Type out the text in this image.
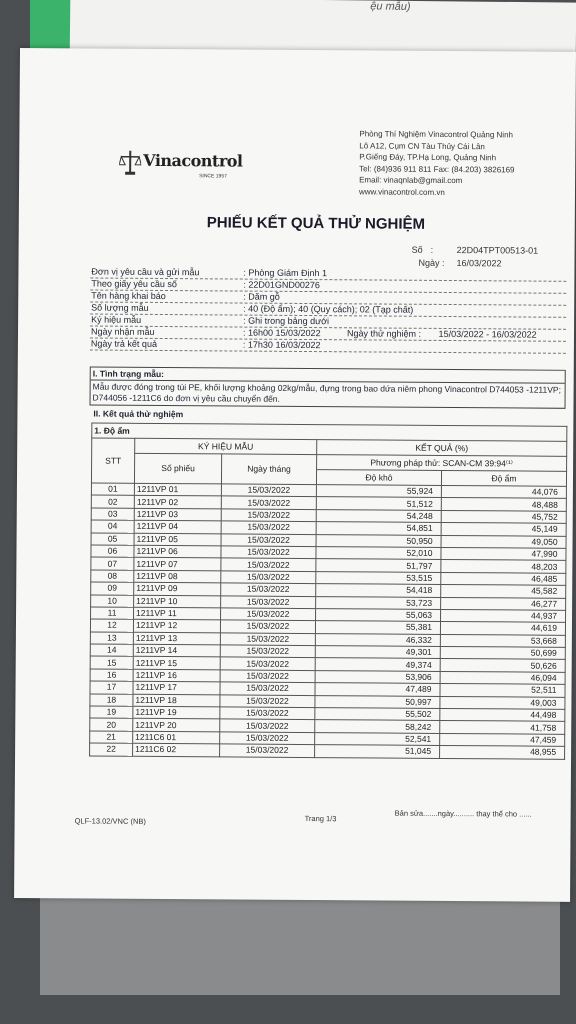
ệu mẫu)
Vinacontrol
SINCE 1957
Phòng Thí Nghiệm Vinacontrol Quảng Ninh
Lô A12, Cụm CN Tàu Thủy Cái Lân
P.Giếng Đáy, TP.Hạ Long, Quảng Ninh
Tel: (84)936 911 811 Fax: (84.203) 3826169
Email: vinaqnlab@gmail.com
www.vinacontrol.com.vn
PHIẾU KẾT QUẢ THỬ NGHIỆM
Số :	22D04TPT00513-01
Ngày : 16/03/2022
Đơn vị yêu cầu và gửi mẫu	: Phòng Giám Định 1
Theo giấy yêu cầu số	: 22D01GND00276
Tên hàng khai báo	: Dăm gỗ
Số lượng mẫu	: 40 (Độ ẩm); 40 (Quy cách); 02 (Tạp chất)
Ký hiệu mẫu	: Ghi trong bảng dưới
Ngày nhận mẫu	: 16h00 15/03/2022	Ngày thử nghiệm :       15/03/2022 - 16/03/2022
Ngày trả kết quả	: 17h30 16/03/2022
I. Tình trạng mẫu:
Mẫu được đóng trong túi PE, khối lượng khoảng 02kg/mẫu, đựng trong bao dứa niêm phong Vinacontrol D744053 -1211VP; D744056 -1211C6 do đơn vị yêu cầu chuyển đến.
II. Kết quả thử nghiệm
1. Độ ẩm				
STT	KÝ HIỆU MẪU		KẾT QUẢ (%)	
	Số phiếu	Ngày tháng	Phương pháp thử: SCAN-CM 39:94⁽¹⁾	
			Độ khô	Độ ẩm
01	1211VP 01	15/03/2022	55,924	44,076
02	1211VP 02	15/03/2022	51,512	48,488
03	1211VP 03	15/03/2022	54,248	45,752
04	1211VP 04	15/03/2022	54,851	45,149
05	1211VP 05	15/03/2022	50,950	49,050
06	1211VP 06	15/03/2022	52,010	47,990
07	1211VP 07	15/03/2022	51,797	48,203
08	1211VP 08	15/03/2022	53,515	46,485
09	1211VP 09	15/03/2022	54,418	45,582
10	1211VP 10	15/03/2022	53,723	46,277
11	1211VP 11	15/03/2022	55,063	44,937
12	1211VP 12	15/03/2022	55,381	44,619
13	1211VP 13	15/03/2022	46,332	53,668
14	1211VP 14	15/03/2022	49,301	50,699
15	1211VP 15	15/03/2022	49,374	50,626
16	1211VP 16	15/03/2022	53,906	46,094
17	1211VP 17	15/03/2022	47,489	52,511
18	1211VP 18	15/03/2022	50,997	49,003
19	1211VP 19	15/03/2022	55,502	44,498
20	1211VP 20	15/03/2022	58,242	41,758
21	1211C6 01	15/03/2022	52,541	47,459
22	1211C6 02	15/03/2022	51,045	48,955
QLF-13.02/VNC (NB)	Trang 1/3
Bản sửa.......ngày.......... thay thế cho ......
